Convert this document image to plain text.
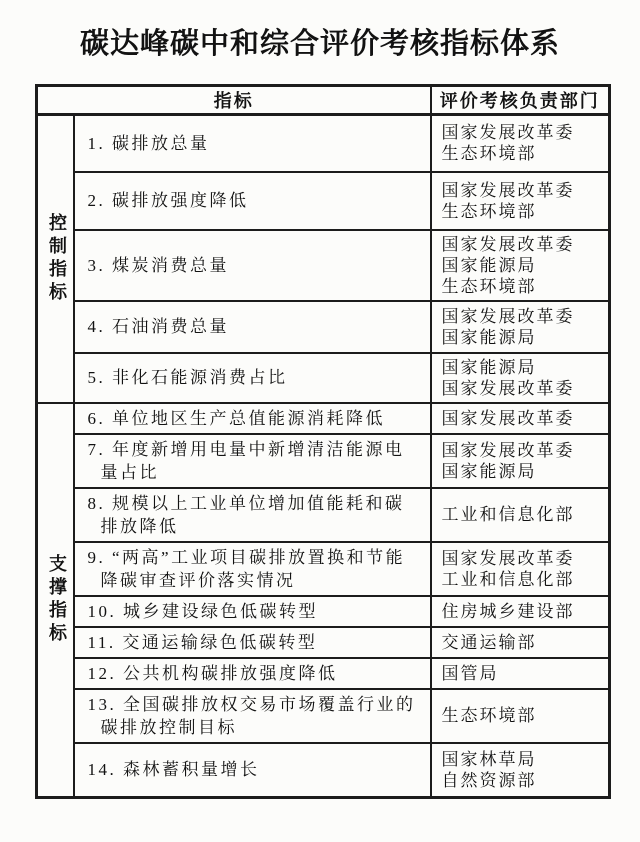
碳达峰碳中和综合评价考核指标体系
指标		评价考核负责部门

控制指标	1. 碳排放总量	国家发展改革委
生态环境部

	2. 碳排放强度降低	国家发展改革委
生态环境部

	3. 煤炭消费总量	国家发展改革委
国家能源局
生态环境部

	4. 石油消费总量	国家发展改革委
国家能源局

	5. 非化石能源消费占比	国家能源局
国家发展改革委

支撑指标	6. 单位地区生产总值能源消耗降低	国家发展改革委

	7. 年度新增用电量中新增清洁能源电量占比	国家发展改革委
国家能源局

	8. 规模以上工业单位增加值能耗和碳排放降低	工业和信息化部

	9. “两高”工业项目碳排放置换和节能降碳审查评价落实情况	国家发展改革委
工业和信息化部

	10. 城乡建设绿色低碳转型	住房城乡建设部

	11. 交通运输绿色低碳转型	交通运输部

	12. 公共机构碳排放强度降低	国管局

	13. 全国碳排放权交易市场覆盖行业的碳排放控制目标	生态环境部

	14. 森林蓄积量增长	国家林草局
自然资源部
